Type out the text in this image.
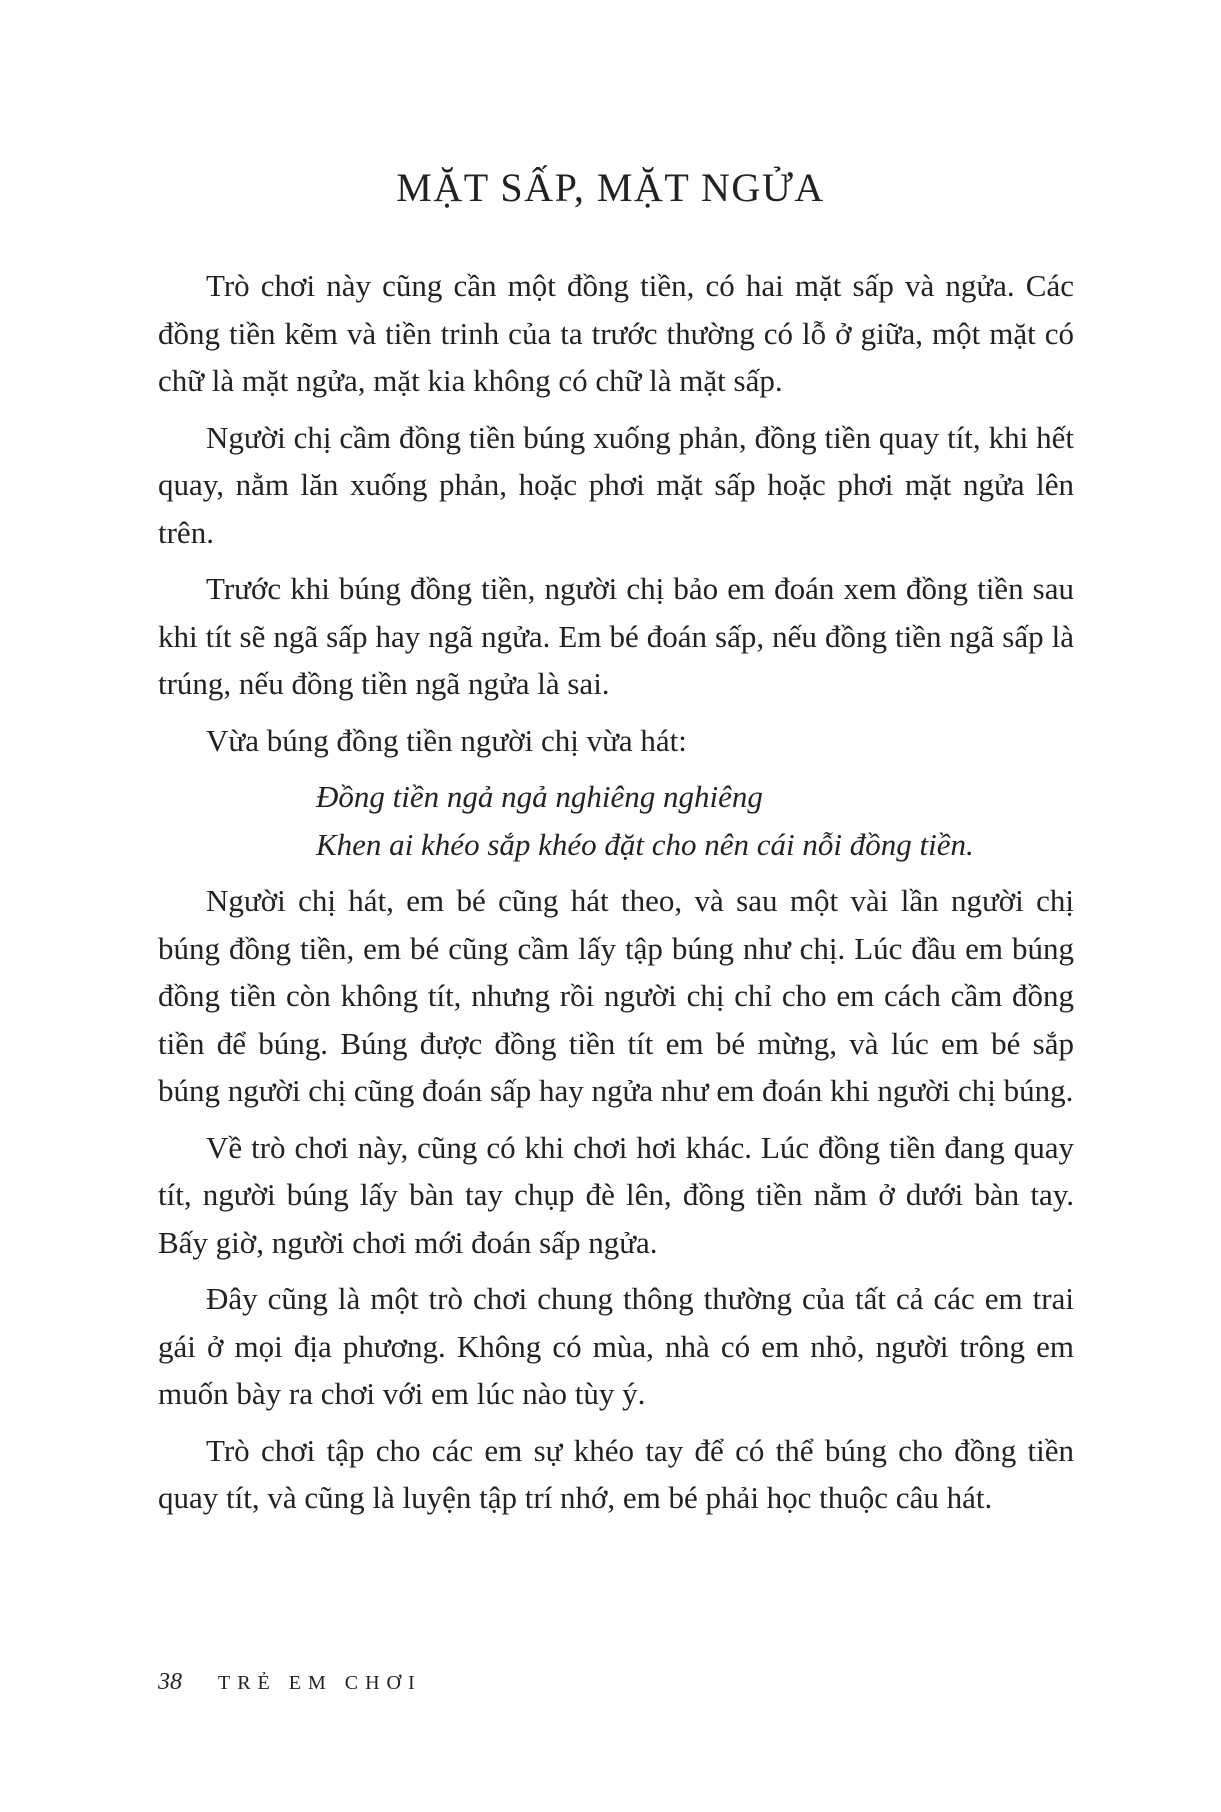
MẶT SẤP, MẶT NGỬA

Trò chơi này cũng cần một đồng tiền, có hai mặt sấp và ngửa. Các đồng tiền kẽm và tiền trinh của ta trước thường có lỗ ở giữa, một mặt có chữ là mặt ngửa, mặt kia không có chữ là mặt sấp.

Người chị cầm đồng tiền búng xuống phản, đồng tiền quay tít, khi hết quay, nằm lăn xuống phản, hoặc phơi mặt sấp hoặc phơi mặt ngửa lên trên.

Trước khi búng đồng tiền, người chị bảo em đoán xem đồng tiền sau khi tít sẽ ngã sấp hay ngã ngửa. Em bé đoán sấp, nếu đồng tiền ngã sấp là trúng, nếu đồng tiền ngã ngửa là sai.

Vừa búng đồng tiền người chị vừa hát:

Đồng tiền ngả ngả nghiêng nghiêng
Khen ai khéo sắp khéo đặt cho nên cái nỗi đồng tiền.

Người chị hát, em bé cũng hát theo, và sau một vài lần người chị búng đồng tiền, em bé cũng cầm lấy tập búng như chị. Lúc đầu em búng đồng tiền còn không tít, nhưng rồi người chị chỉ cho em cách cầm đồng tiền để búng. Búng được đồng tiền tít em bé mừng, và lúc em bé sắp búng người chị cũng đoán sấp hay ngửa như em đoán khi người chị búng.

Về trò chơi này, cũng có khi chơi hơi khác. Lúc đồng tiền đang quay tít, người búng lấy bàn tay chụp đè lên, đồng tiền nằm ở dưới bàn tay. Bấy giờ, người chơi mới đoán sấp ngửa.

Đây cũng là một trò chơi chung thông thường của tất cả các em trai gái ở mọi địa phương. Không có mùa, nhà có em nhỏ, người trông em muốn bày ra chơi với em lúc nào tùy ý.

Trò chơi tập cho các em sự khéo tay để có thể búng cho đồng tiền quay tít, và cũng là luyện tập trí nhớ, em bé phải học thuộc câu hát.

38 TRẺ EM CHƠI
